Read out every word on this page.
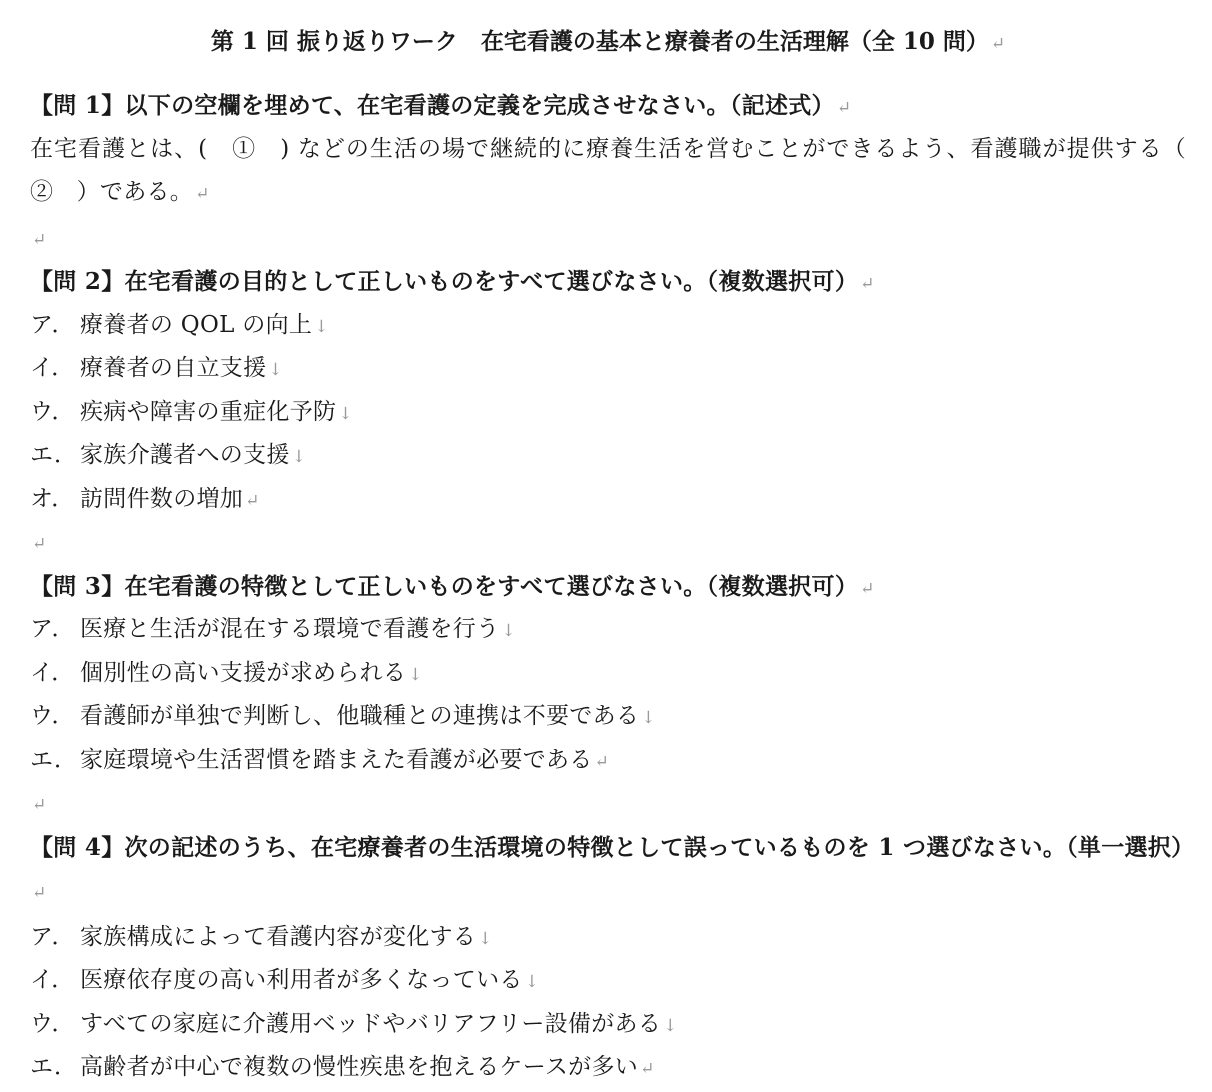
第 1 回 振り返りワーク　在宅看護の基本と療養者の生活理解（全 10 問） ↵
【問 1】以下の空欄を埋めて、在宅看護の定義を完成させなさい。（記述式） ↵
在宅看護とは、(　①　) などの生活の場で継続的に療養生活を営むことができるよう、看護職が提供する（　②　）である。 ↵
↵
【問 2】在宅看護の目的として正しいものをすべて選びなさい。（複数選択可） ↵
ア． 療養者の QOL の向上 ↓
イ． 療養者の自立支援 ↓
ウ． 疾病や障害の重症化予防 ↓
エ． 家族介護者への支援 ↓
オ． 訪問件数の増加 ↵
↵
【問 3】在宅看護の特徴として正しいものをすべて選びなさい。（複数選択可） ↵
ア． 医療と生活が混在する環境で看護を行う ↓
イ． 個別性の高い支援が求められる ↓
ウ． 看護師が単独で判断し、他職種との連携は不要である ↓
エ． 家庭環境や生活習慣を踏まえた看護が必要である ↵
↵
【問 4】次の記述のうち、在宅療養者の生活環境の特徴として誤っているものを 1 つ選びなさい。（単一選択）↵
ア． 家族構成によって看護内容が変化する ↓
イ． 医療依存度の高い利用者が多くなっている ↓
ウ． すべての家庭に介護用ベッドやバリアフリー設備がある ↓
エ． 高齢者が中心で複数の慢性疾患を抱えるケースが多い ↵
